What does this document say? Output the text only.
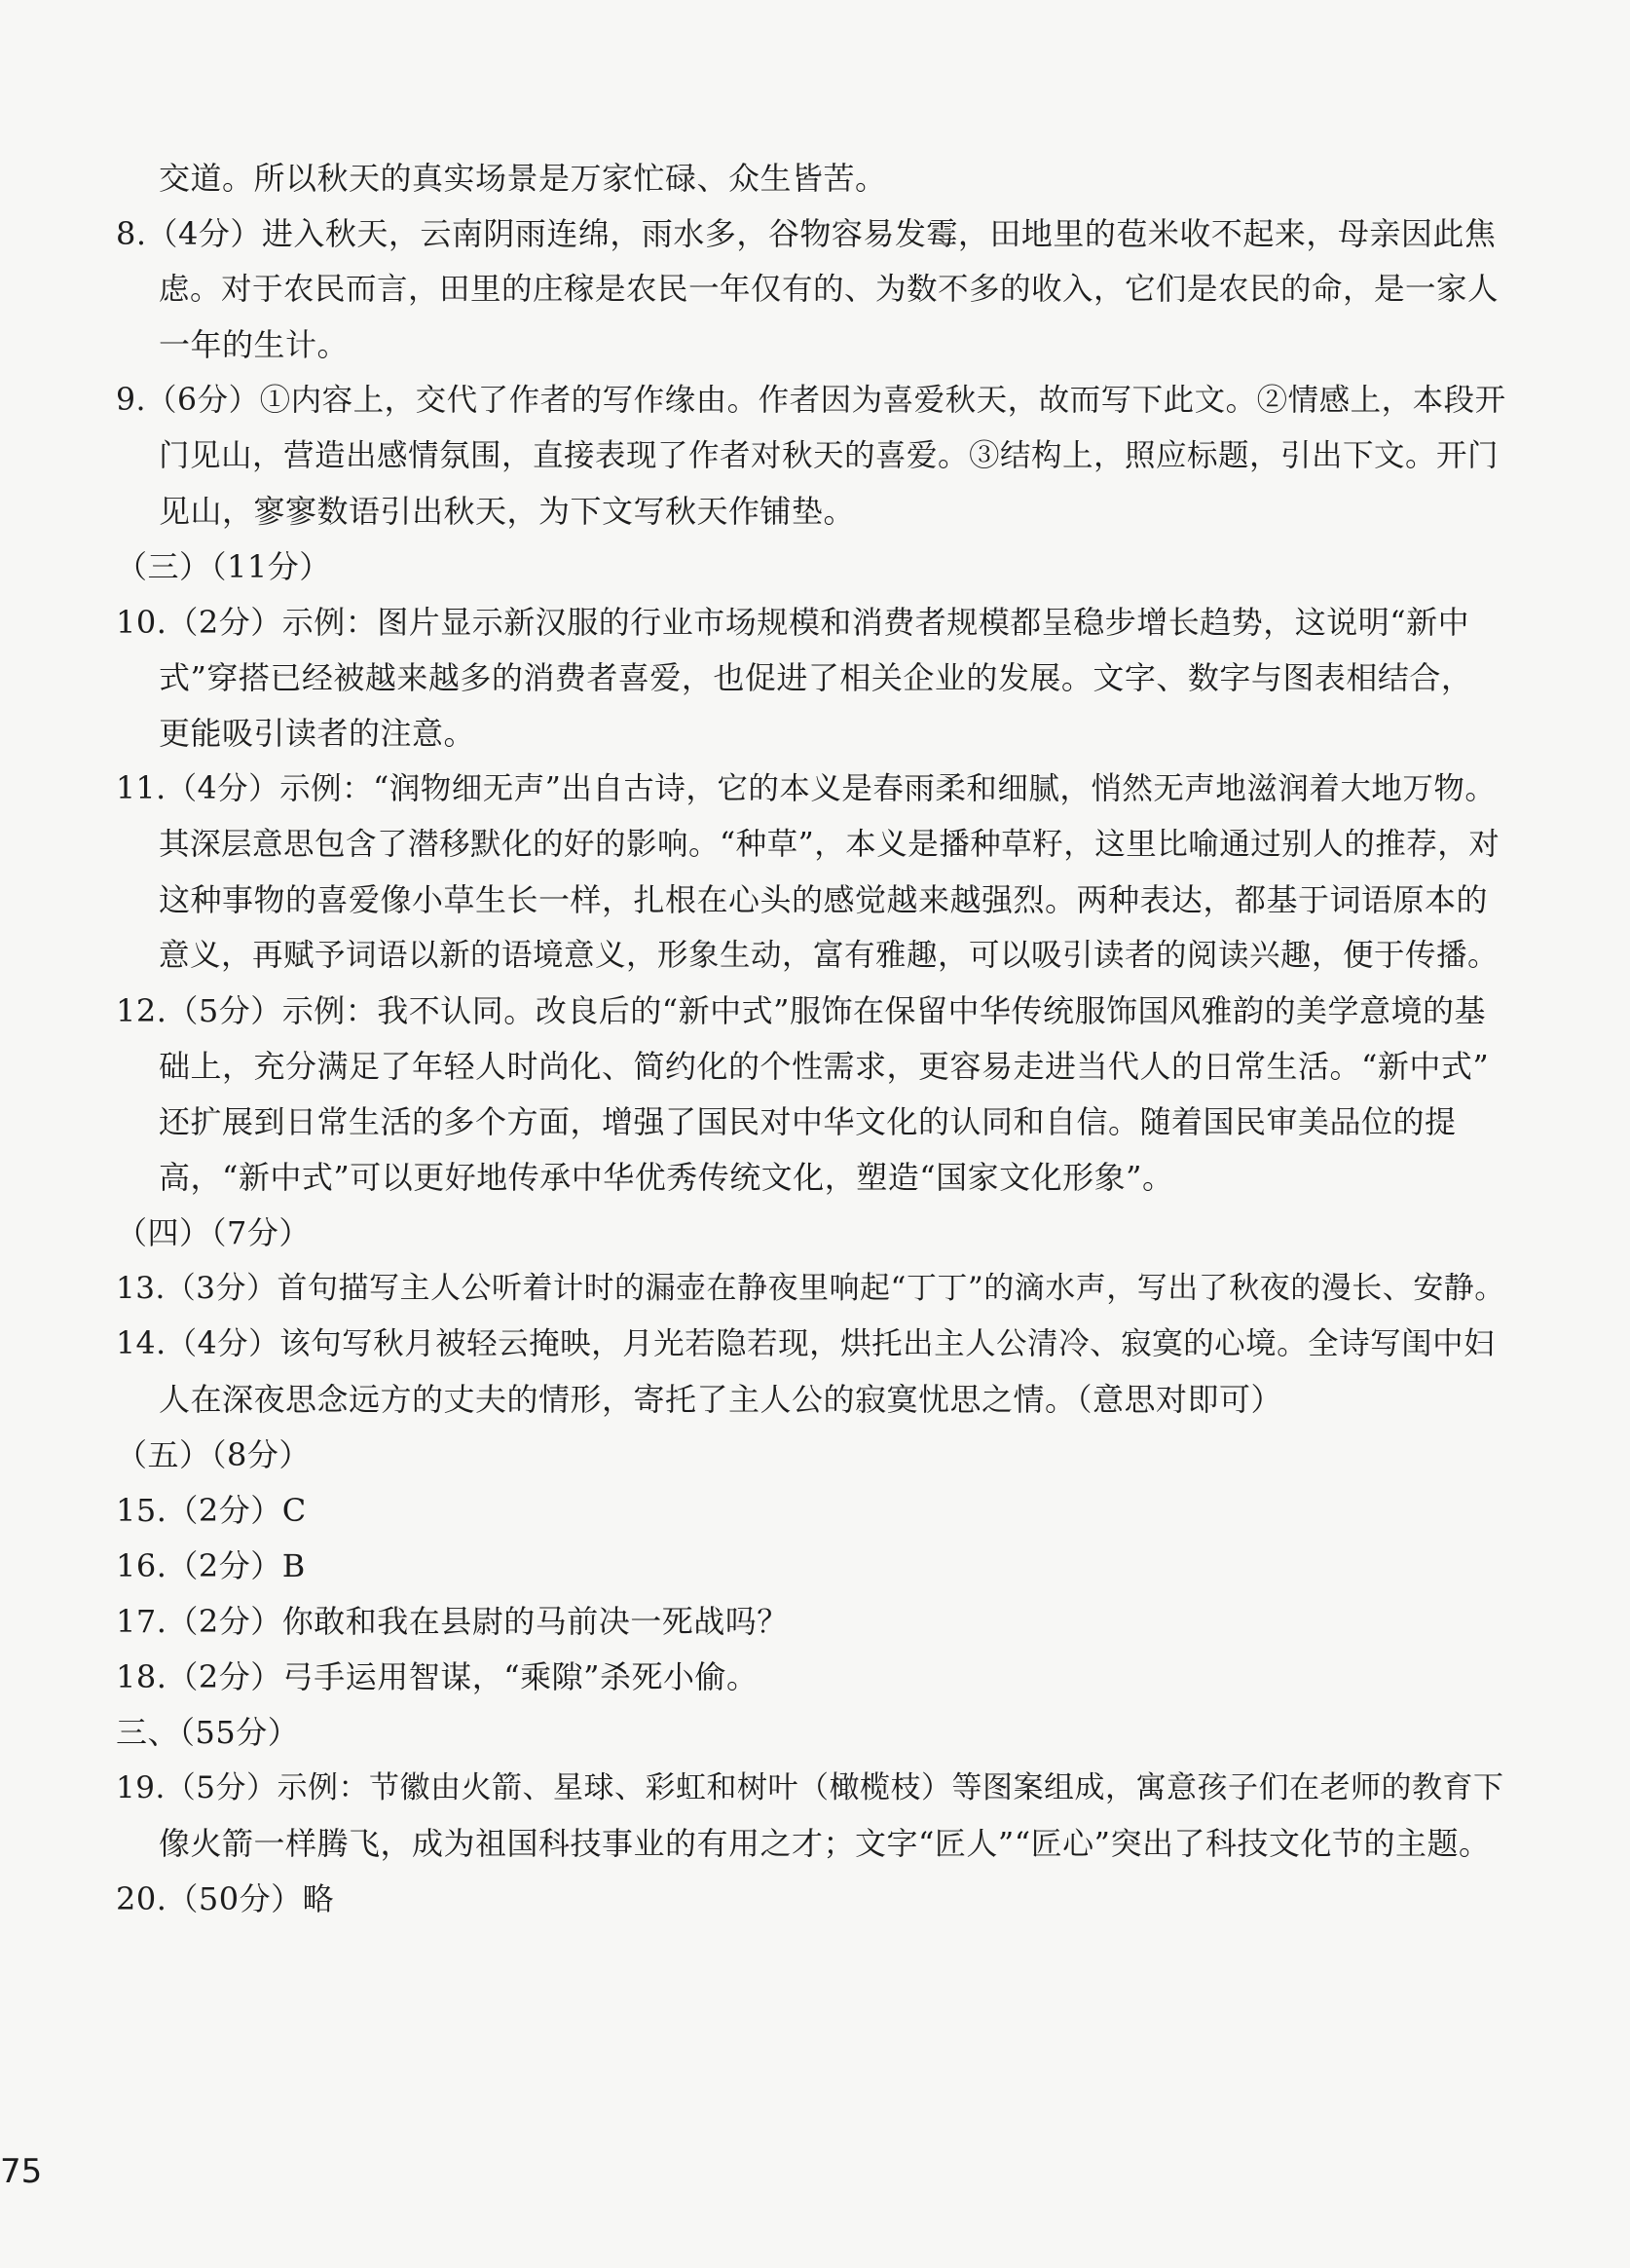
交道。所以秋天的真实场景是万家忙碌、众生皆苦。
8.（4分）进入秋天，云南阴雨连绵，雨水多，谷物容易发霉，田地里的苞米收不起来，母亲因此焦
虑。对于农民而言，田里的庄稼是农民一年仅有的、为数不多的收入，它们是农民的命，是一家人
一年的生计。
9.（6分）①内容上，交代了作者的写作缘由。作者因为喜爱秋天，故而写下此文。②情感上，本段开
门见山，营造出感情氛围，直接表现了作者对秋天的喜爱。③结构上，照应标题，引出下文。开门
见山，寥寥数语引出秋天，为下文写秋天作铺垫。
（三）（11分）
10.（2分）示例：图片显示新汉服的行业市场规模和消费者规模都呈稳步增长趋势，这说明“新中
式”穿搭已经被越来越多的消费者喜爱，也促进了相关企业的发展。文字、数字与图表相结合，
更能吸引读者的注意。
11.（4分）示例：“润物细无声”出自古诗，它的本义是春雨柔和细腻，悄然无声地滋润着大地万物。
其深层意思包含了潜移默化的好的影响。“种草”，本义是播种草籽，这里比喻通过别人的推荐，对
这种事物的喜爱像小草生长一样，扎根在心头的感觉越来越强烈。两种表达，都基于词语原本的
意义，再赋予词语以新的语境意义，形象生动，富有雅趣，可以吸引读者的阅读兴趣，便于传播。
12.（5分）示例：我不认同。改良后的“新中式”服饰在保留中华传统服饰国风雅韵的美学意境的基
础上，充分满足了年轻人时尚化、简约化的个性需求，更容易走进当代人的日常生活。“新中式”
还扩展到日常生活的多个方面，增强了国民对中华文化的认同和自信。随着国民审美品位的提
高，“新中式”可以更好地传承中华优秀传统文化，塑造“国家文化形象”。
（四）（7分）
13.（3分）首句描写主人公听着计时的漏壶在静夜里响起“丁丁”的滴水声，写出了秋夜的漫长、安静。
14.（4分）该句写秋月被轻云掩映，月光若隐若现，烘托出主人公清冷、寂寞的心境。全诗写闺中妇
人在深夜思念远方的丈夫的情形，寄托了主人公的寂寞忧思之情。（意思对即可）
（五）（8分）
15.（2分）C
16.（2分）B
17.（2分）你敢和我在县尉的马前决一死战吗？
18.（2分）弓手运用智谋，“乘隙”杀死小偷。
三、（55分）
19.（5分）示例：节徽由火箭、星球、彩虹和树叶（橄榄枝）等图案组成，寓意孩子们在老师的教育下
像火箭一样腾飞，成为祖国科技事业的有用之才；文字“匠人”“匠心”突出了科技文化节的主题。
20.（50分）略
75
